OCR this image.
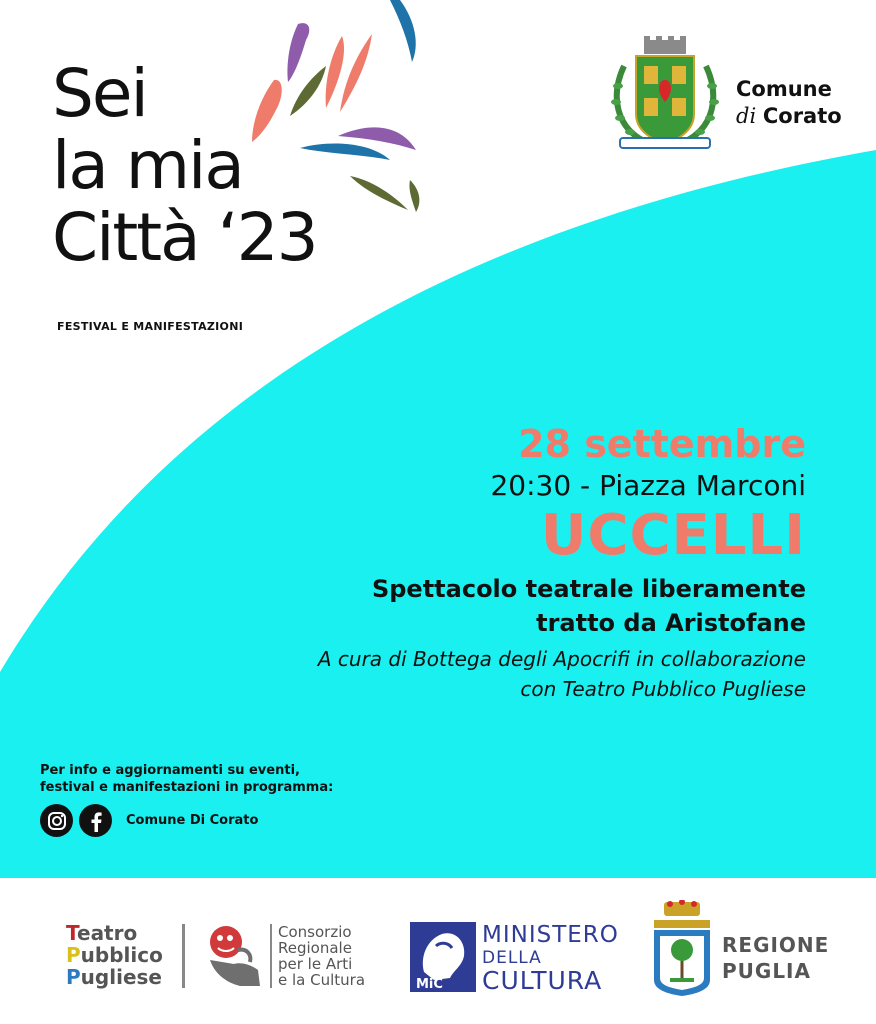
Sei
la mia
Città ‘23
FESTIVAL E MANIFESTAZIONI
Comune
di Corato
28 settembre
20:30 - Piazza Marconi
UCCELLI
Spettacolo teatrale liberamente
tratto da Aristofane
A cura di Bottega degli Apocrifi in collaborazione
con Teatro Pubblico Pugliese
Per info e aggiornamenti su eventi,
festival e manifestazioni in programma:
Comune Di Corato
Teatro
Pubblico
Pugliese
Consorzio
Regionale
per le Arti
e la Cultura	MiC
MINISTERO
DELLA
CULTURA
REGIONE
PUGLIA
